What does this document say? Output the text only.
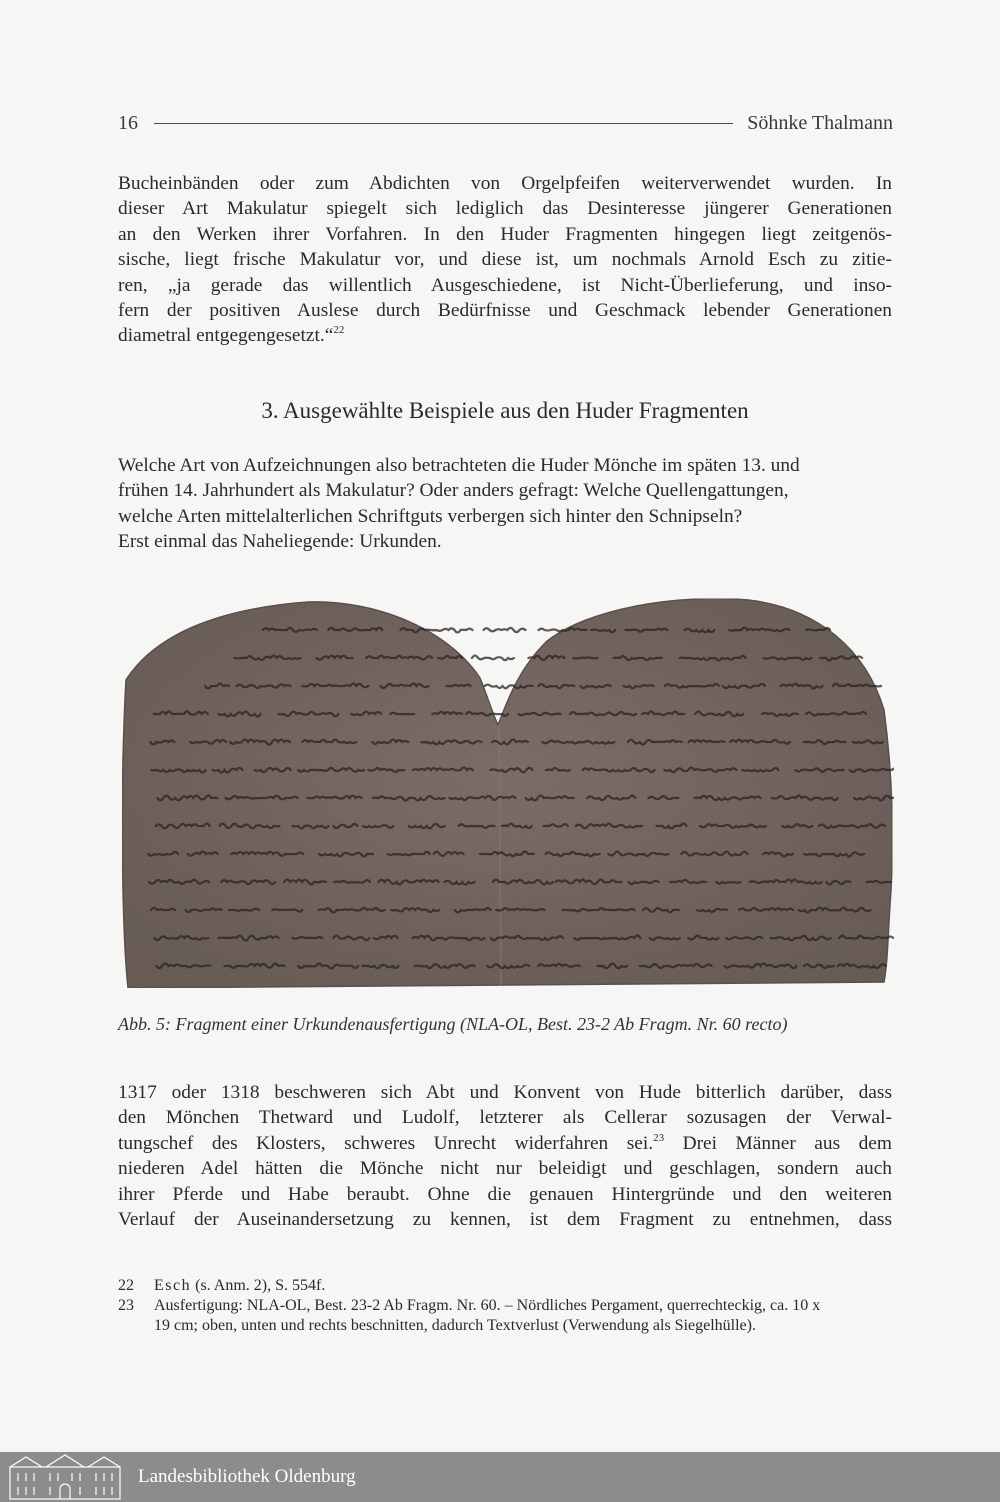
16	Söhnke Thalmann
Bucheinbänden oder zum Abdichten von Orgelpfeifen weiterverwendet wurden. In
dieser Art Makulatur spiegelt sich lediglich das Desinteresse jüngerer Generationen
an den Werken ihrer Vorfahren. In den Huder Fragmenten hingegen liegt zeitgenös-
sische, liegt frische Makulatur vor, und diese ist, um nochmals Arnold Esch zu zitie-
ren, „ja gerade das willentlich Ausgeschiedene, ist Nicht-Überlieferung, und inso-
fern der positiven Auslese durch Bedürfnisse und Geschmack lebender Generationen
diametral entgegengesetzt.“$^{22}$
3. Ausgewählte Beispiele aus den Huder Fragmenten
Welche Art von Aufzeichnungen also betrachteten die Huder Mönche im späten 13. und
frühen 14. Jahrhundert als Makulatur? Oder anders gefragt: Welche Quellengattungen,
welche Arten mittelalterlichen Schriftguts verbergen sich hinter den Schnipseln?
Erst einmal das Naheliegende: Urkunden.
Abb. 5: Fragment einer Urkundenausfertigung (NLA-OL, Best. 23-2 Ab Fragm. Nr. 60 recto)
1317 oder 1318 beschweren sich Abt und Konvent von Hude bitterlich darüber, dass
den Mönchen Thetward und Ludolf, letzterer als Cellerar sozusagen der Verwal-
tungschef des Klosters, schweres Unrecht widerfahren sei.$^{23}$ Drei Männer aus dem
niederen Adel hätten die Mönche nicht nur beleidigt und geschlagen, sondern auch
ihrer Pferde und Habe beraubt. Ohne die genauen Hintergründe und den weiteren
Verlauf der Auseinandersetzung zu kennen, ist dem Fragment zu entnehmen, dass
22	Esch (s. Anm. 2), S. 554f.
23	Ausfertigung: NLA-OL, Best. 23-2 Ab Fragm. Nr. 60. – Nördliches Pergament, querrechteckig, ca. 10 x
19 cm; oben, unten und rechts beschnitten, dadurch Textverlust (Verwendung als Siegelhülle).
Landesbibliothek Oldenburg
